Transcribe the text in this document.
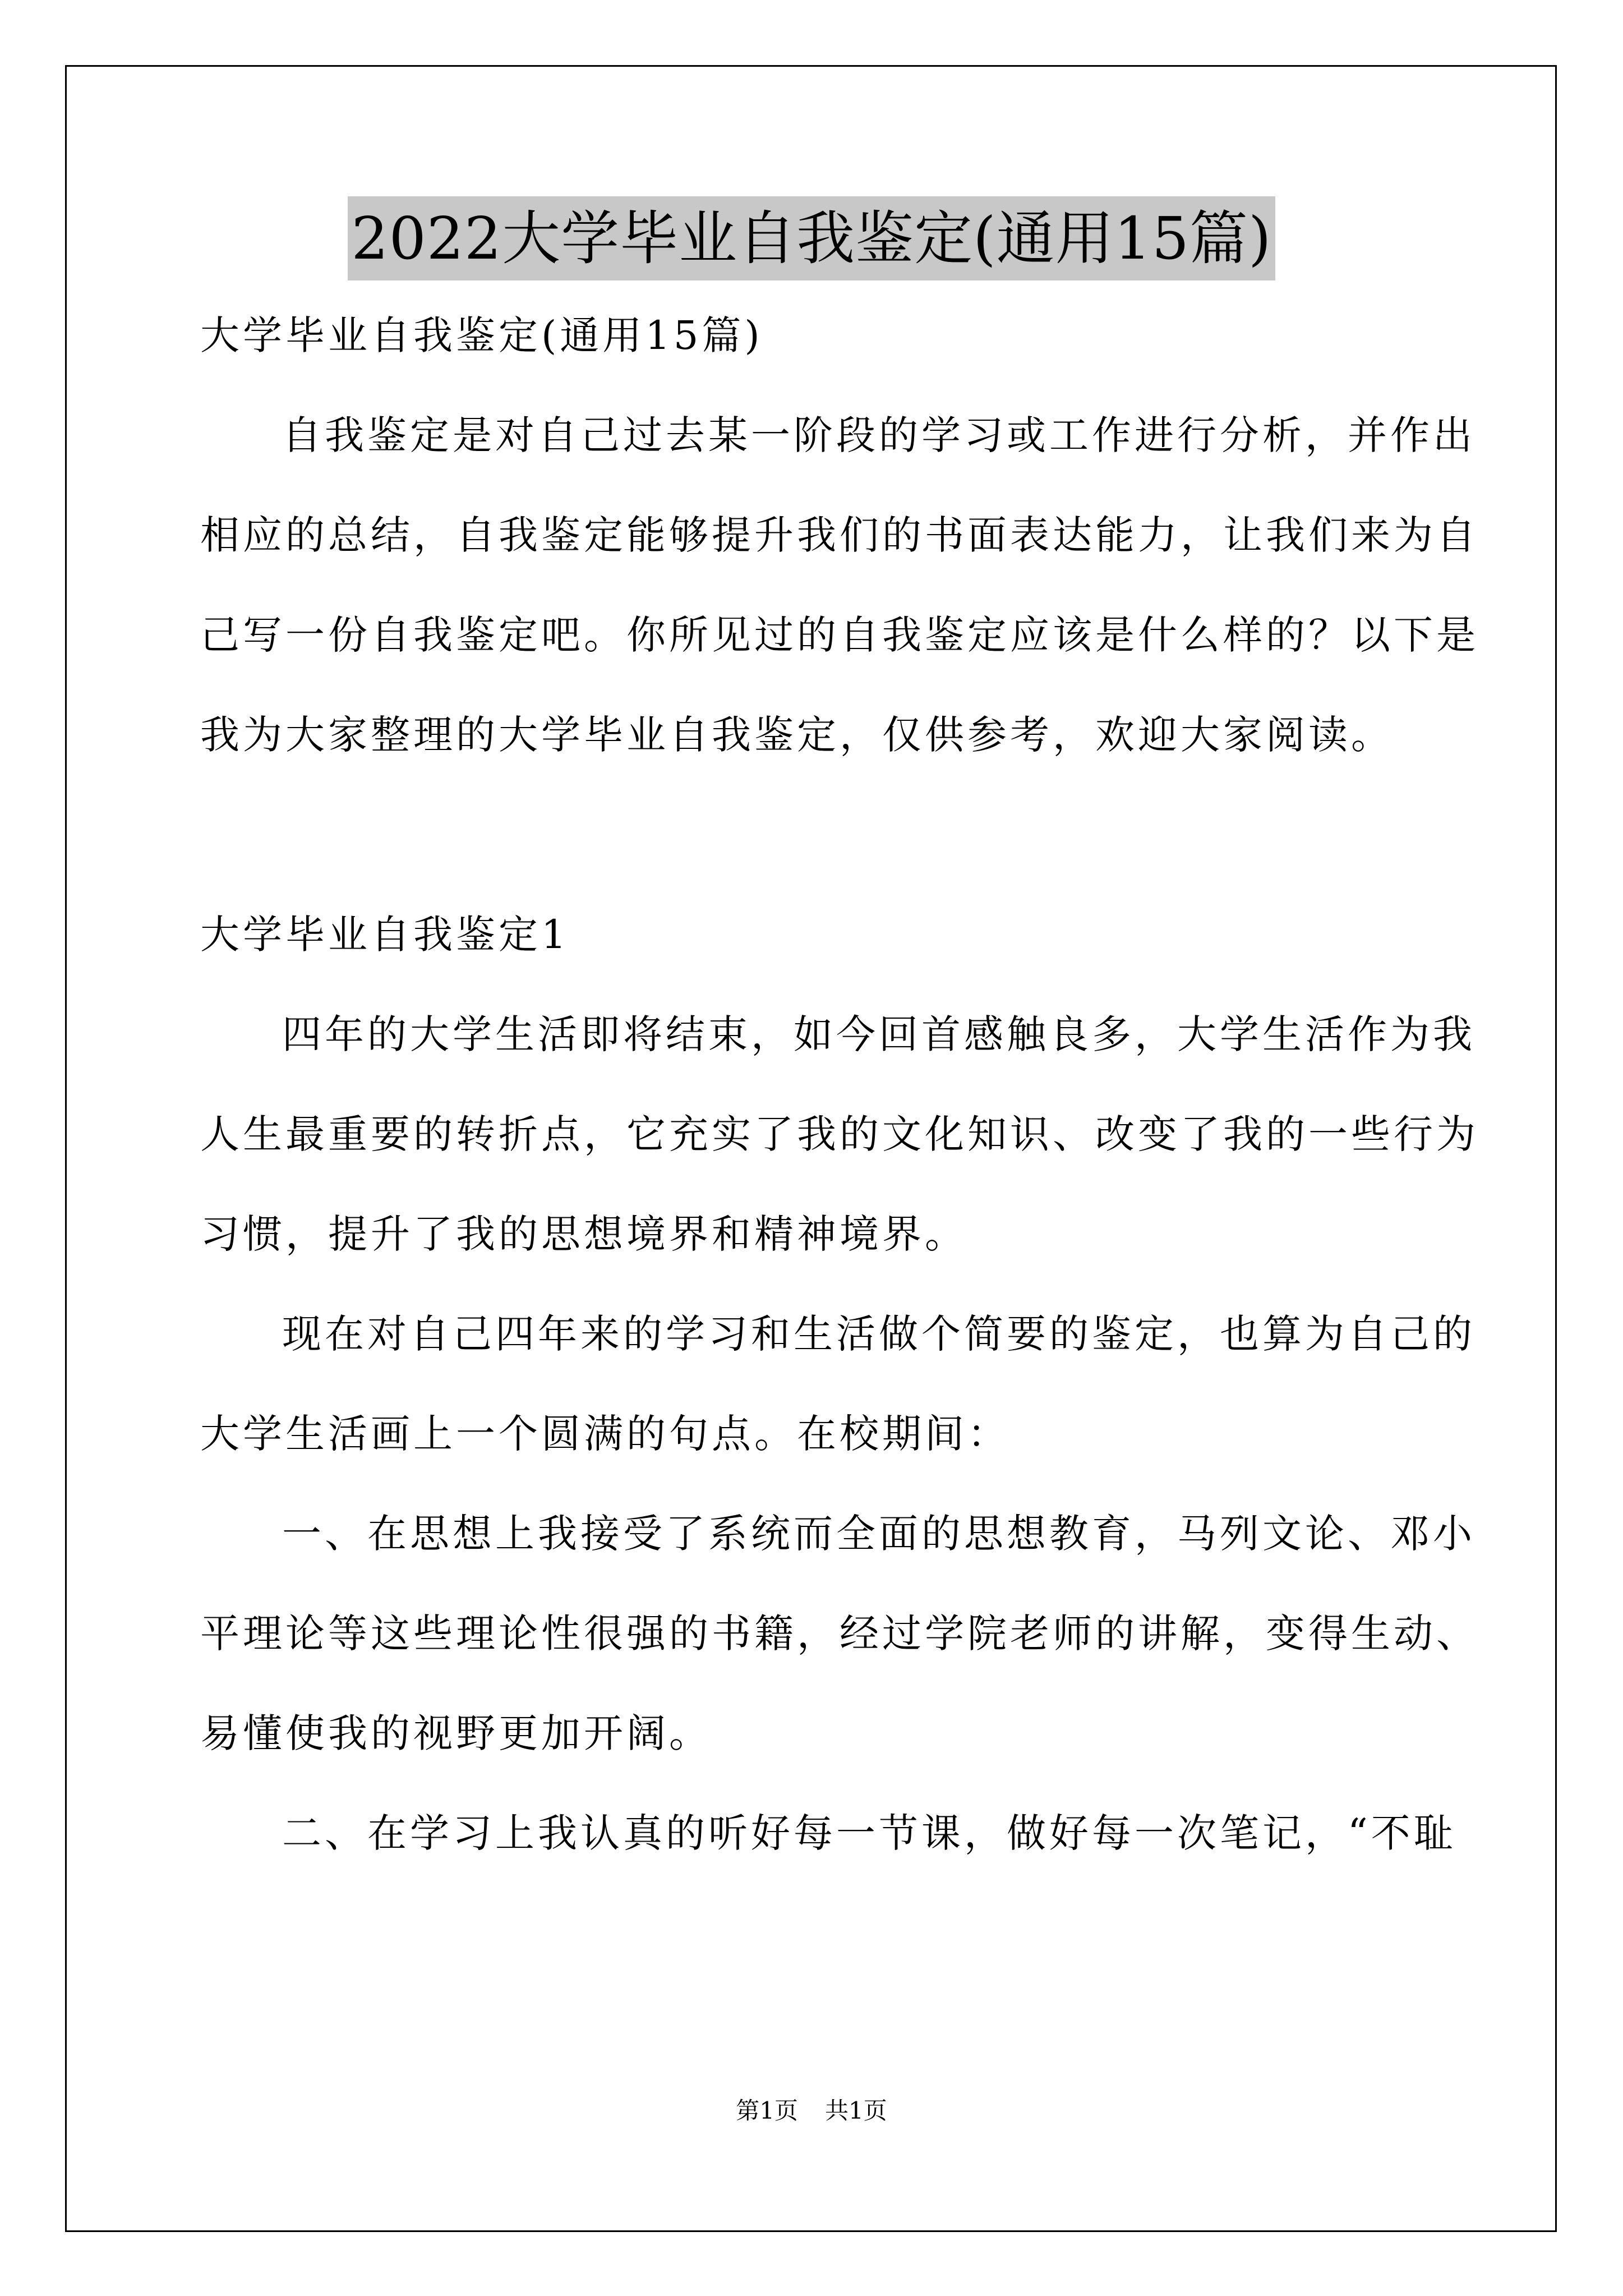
2022大学毕业自我鉴定(通用15篇)
大学毕业自我鉴定(通用15篇)
自我鉴定是对自己过去某一阶段的学习或工作进行分析，并作出
相应的总结，自我鉴定能够提升我们的书面表达能力，让我们来为自
己写一份自我鉴定吧。你所见过的自我鉴定应该是什么样的？以下是
我为大家整理的大学毕业自我鉴定，仅供参考，欢迎大家阅读。
大学毕业自我鉴定1
四年的大学生活即将结束，如今回首感触良多，大学生活作为我
人生最重要的转折点，它充实了我的文化知识、改变了我的一些行为
习惯，提升了我的思想境界和精神境界。
现在对自己四年来的学习和生活做个简要的鉴定，也算为自己的
大学生活画上一个圆满的句点。在校期间：
一、在思想上我接受了系统而全面的思想教育，马列文论、邓小
平理论等这些理论性很强的书籍，经过学院老师的讲解，变得生动、
易懂使我的视野更加开阔。
二、在学习上我认真的听好每一节课，做好每一次笔记，“不耻
第1页 共1页
